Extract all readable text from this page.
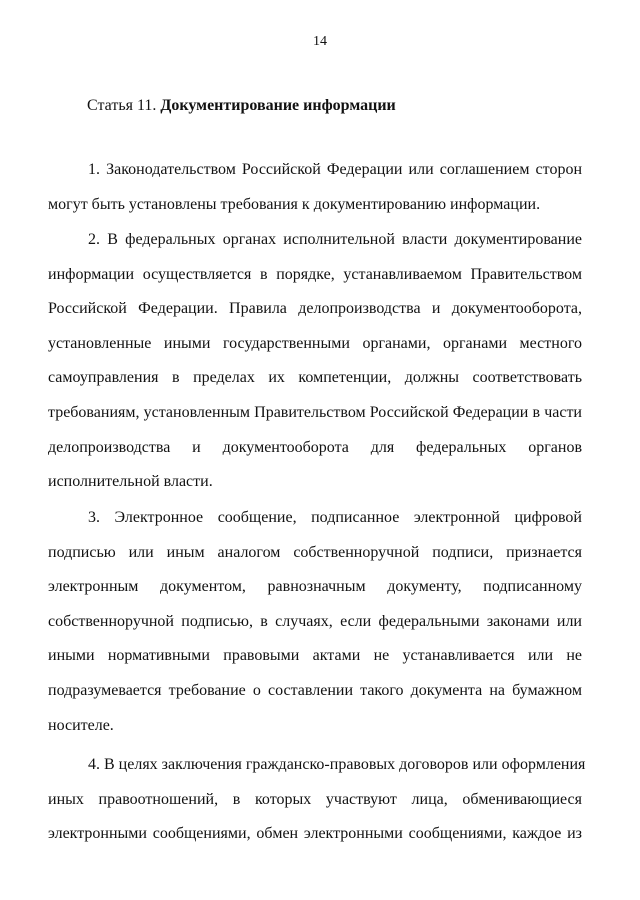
14
Статья 11. Документирование информации
1. Законодательством Российской Федерации или соглашением сторон
могут быть установлены требования к документированию информации.
2. В федеральных органах исполнительной власти документирование
информации осуществляется в порядке, устанавливаемом Правительством
Российской Федерации. Правила делопроизводства и документооборота,
установленные иными государственными органами, органами местного
самоуправления в пределах их компетенции, должны соответствовать
требованиям, установленным Правительством Российской Федерации в части
делопроизводства и документооборота для федеральных органов
исполнительной власти.
3. Электронное сообщение, подписанное электронной цифровой
подписью или иным аналогом собственноручной подписи, признается
электронным документом, равнозначным документу, подписанному
собственноручной подписью, в случаях, если федеральными законами или
иными нормативными правовыми актами не устанавливается или не
подразумевается требование о составлении такого документа на бумажном
носителе.
4. В целях заключения гражданско-правовых договоров или оформления
иных правоотношений, в которых участвуют лица, обменивающиеся
электронными сообщениями, обмен электронными сообщениями, каждое из
